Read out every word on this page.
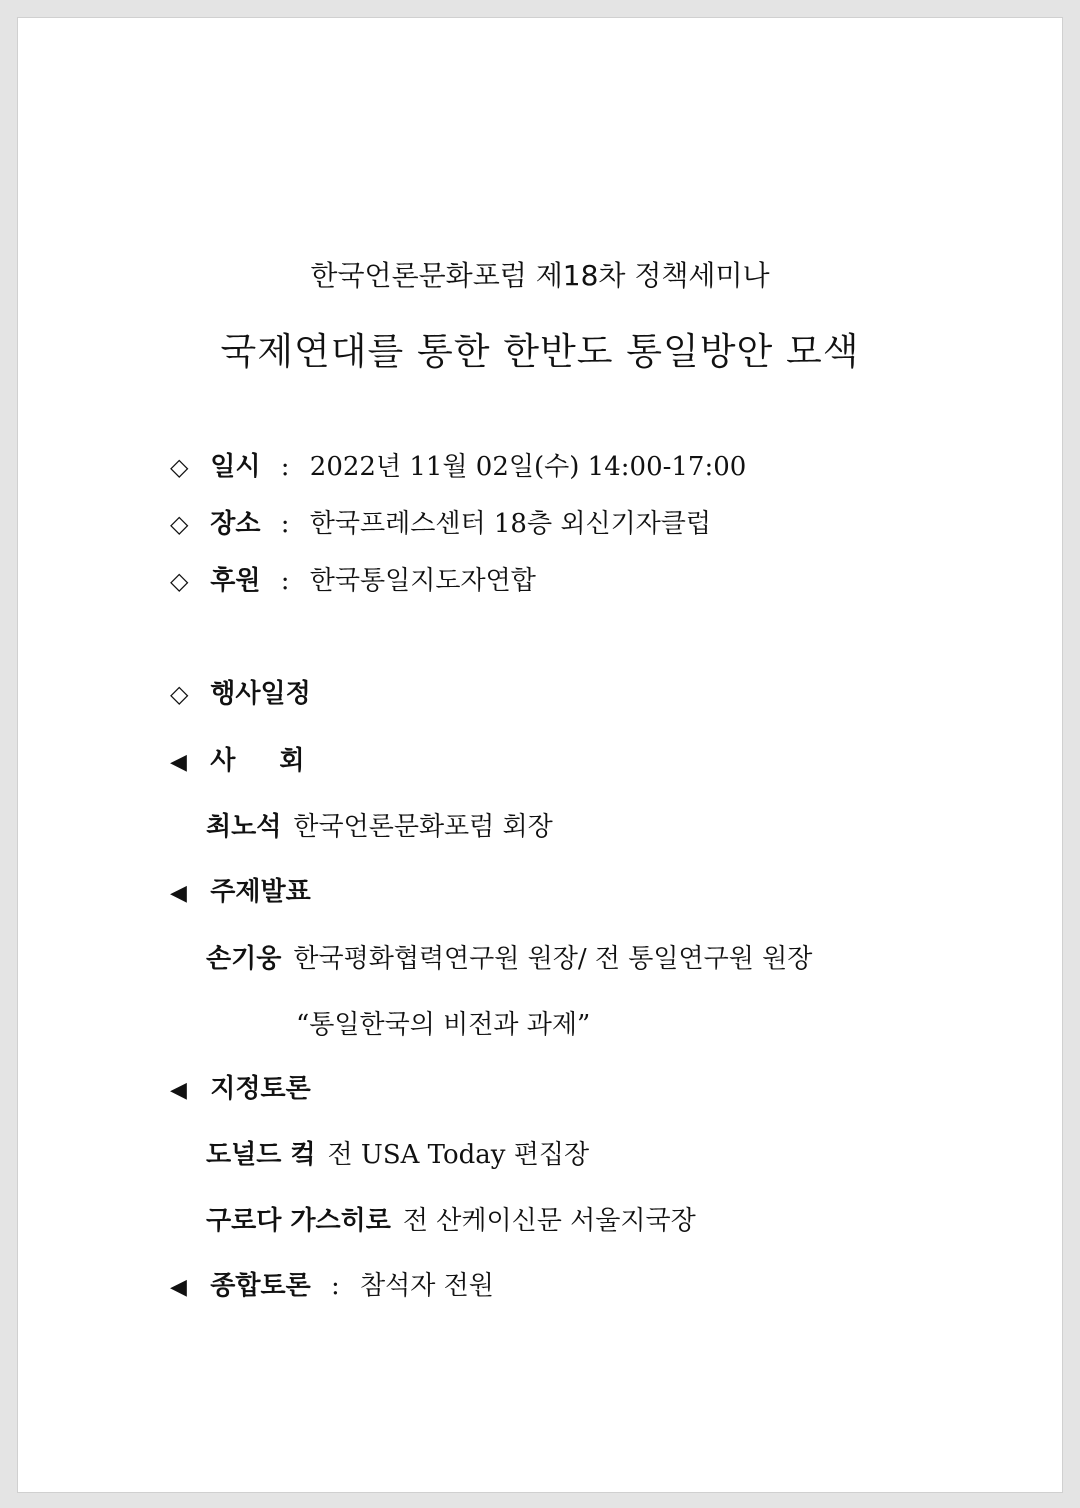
한국언론문화포럼 제18차 정책세미나
국제연대를 통한 한반도 통일방안 모색
◇ 일시 : 2022년 11월 02일(수) 14:00-17:00
◇ 장소 : 한국프레스센터 18층 외신기자클럽
◇ 후원 : 한국통일지도자연합
◇ 행사일정
◀ 사 회
최노석 한국언론문화포럼 회장
◀ 주제발표
손기웅 한국평화협력연구원 원장/ 전 통일연구원 원장
“통일한국의 비전과 과제”
◀ 지정토론
도널드 컼 전 USA Today 편집장
구로다 가스히로 전 산케이신문 서울지국장
◀ 종합토론 : 참석자 전원
